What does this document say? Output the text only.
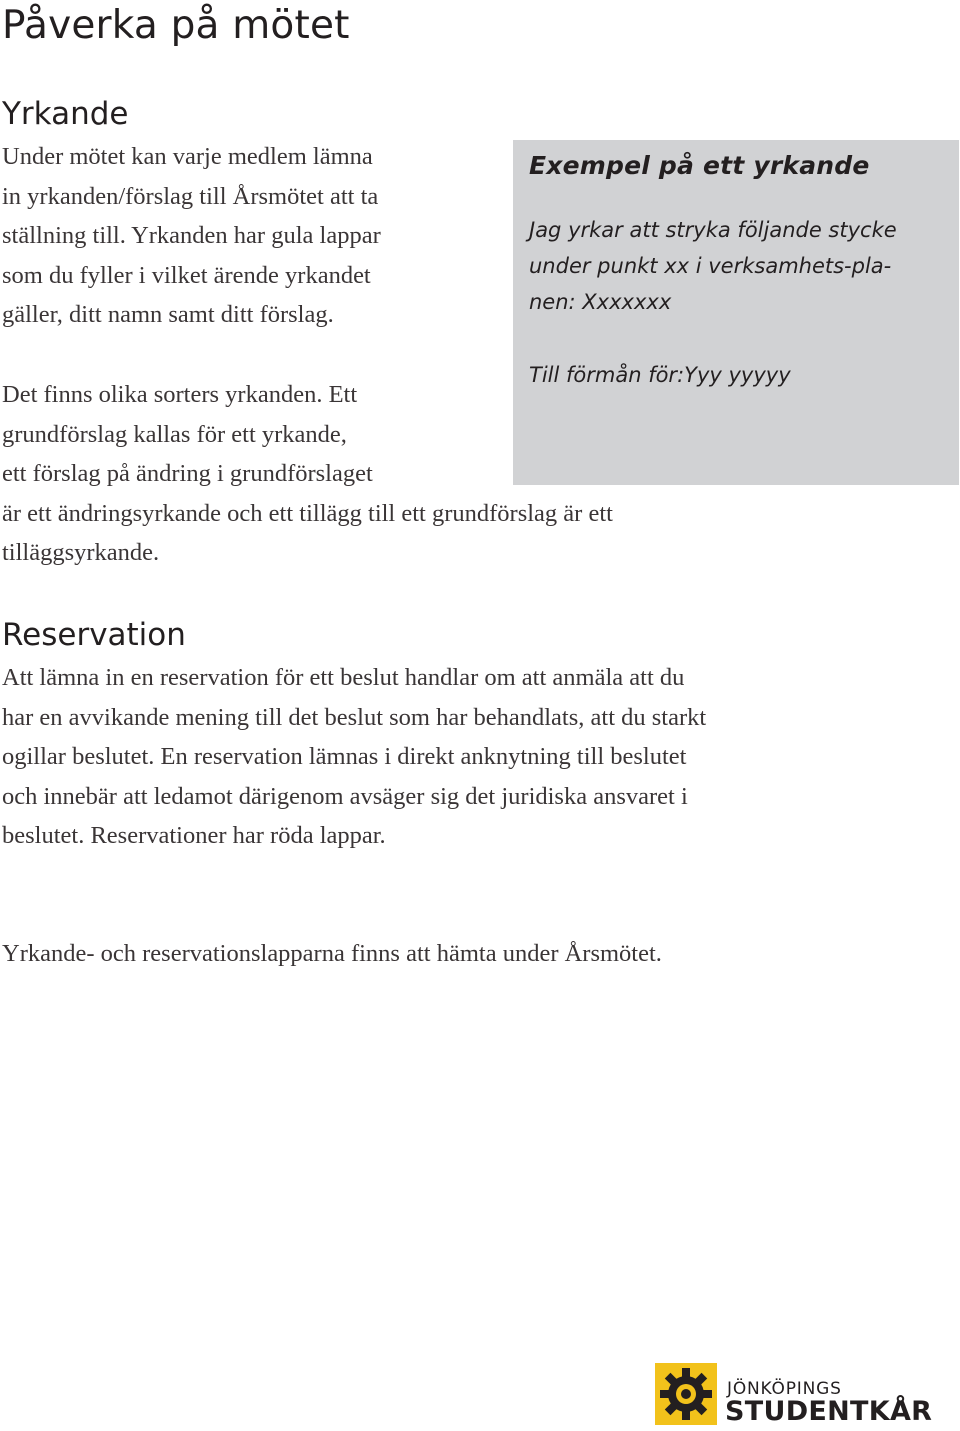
Påverka på mötet
Yrkande

Under mötet kan varje medlem lämna
in yrkanden/förslag till Årsmötet att ta
ställning till. Yrkanden har gula lappar
som du fyller i vilket ärende yrkandet
gäller, ditt namn samt ditt förslag.

Exempel på ett yrkande

Jag yrkar att stryka följande stycke
under punkt xx i verksamhets-pla-
nen: Xxxxxxx

Till förmån för:Yyy yyyyy

Det finns olika sorters yrkanden. Ett
grundförslag kallas för ett yrkande,
ett förslag på ändring i grundförslaget
är ett ändringsyrkande och ett tillägg till ett grundförslag är ett
tilläggsyrkande.

Reservation

Att lämna in en reservation för ett beslut handlar om att anmäla att du
har en avvikande mening till det beslut som har behandlats, att du starkt
ogillar beslutet. En reservation lämnas i direkt anknytning till beslutet
och innebär att ledamot därigenom avsäger sig det juridiska ansvaret i
beslutet. Reservationer har röda lappar.

Yrkande- och reservationslapparna finns att hämta under Årsmötet.

JÖNKÖPINGS
STUDENTKÅR
